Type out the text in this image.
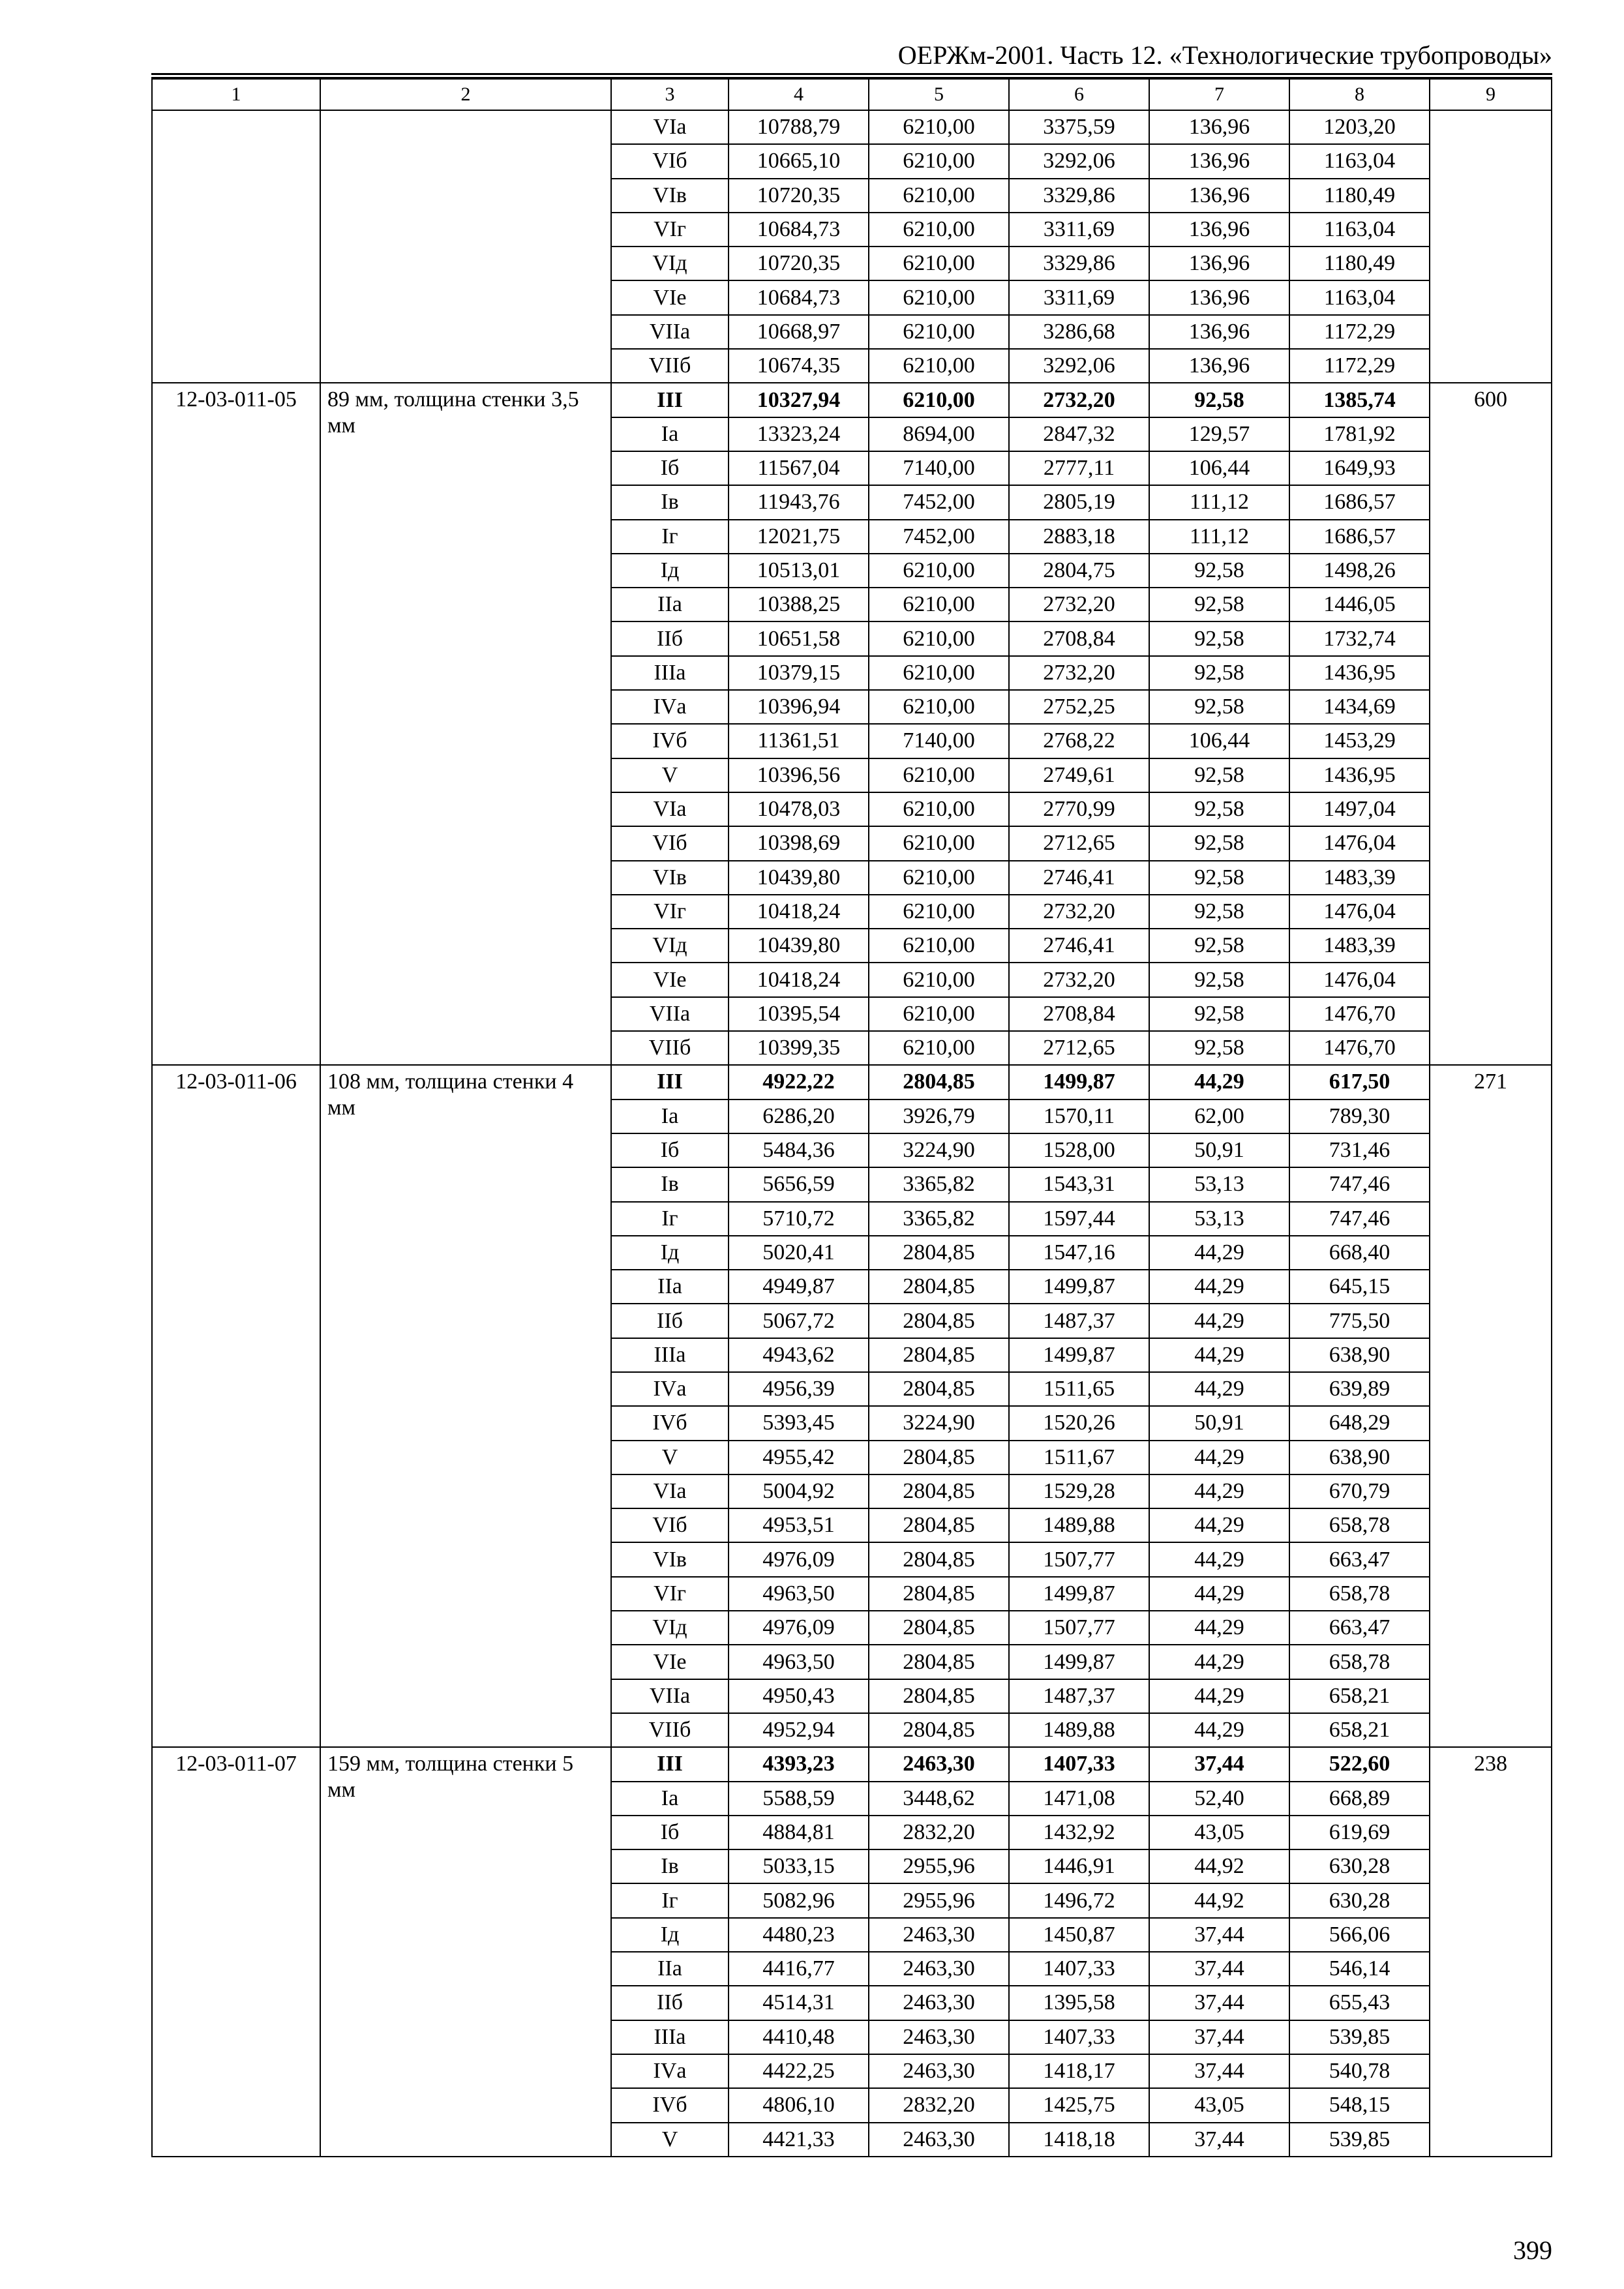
ОЕРЖм-2001. Часть 12. «Технологические трубопроводы»
1	2	3	4	5	6	7	8	9
		VIа	10788,79	6210,00	3375,59	136,96	1203,20	
		VIб	10665,10	6210,00	3292,06	136,96	1163,04	
		VIв	10720,35	6210,00	3329,86	136,96	1180,49	
		VIг	10684,73	6210,00	3311,69	136,96	1163,04	
		VIд	10720,35	6210,00	3329,86	136,96	1180,49	
		VIе	10684,73	6210,00	3311,69	136,96	1163,04	
		VIIа	10668,97	6210,00	3286,68	136,96	1172,29	
		VIIб	10674,35	6210,00	3292,06	136,96	1172,29	
12-03-011-05	89 мм, толщина стенки 3,5 мм	III	10327,94	6210,00	2732,20	92,58	1385,74	600
		Iа	13323,24	8694,00	2847,32	129,57	1781,92	
		Iб	11567,04	7140,00	2777,11	106,44	1649,93	
		Iв	11943,76	7452,00	2805,19	111,12	1686,57	
		Iг	12021,75	7452,00	2883,18	111,12	1686,57	
		Iд	10513,01	6210,00	2804,75	92,58	1498,26	
		IIа	10388,25	6210,00	2732,20	92,58	1446,05	
		IIб	10651,58	6210,00	2708,84	92,58	1732,74	
		IIIа	10379,15	6210,00	2732,20	92,58	1436,95	
		IVа	10396,94	6210,00	2752,25	92,58	1434,69	
		IVб	11361,51	7140,00	2768,22	106,44	1453,29	
		V	10396,56	6210,00	2749,61	92,58	1436,95	
		VIа	10478,03	6210,00	2770,99	92,58	1497,04	
		VIб	10398,69	6210,00	2712,65	92,58	1476,04	
		VIв	10439,80	6210,00	2746,41	92,58	1483,39	
		VIг	10418,24	6210,00	2732,20	92,58	1476,04	
		VIд	10439,80	6210,00	2746,41	92,58	1483,39	
		VIе	10418,24	6210,00	2732,20	92,58	1476,04	
		VIIа	10395,54	6210,00	2708,84	92,58	1476,70	
		VIIб	10399,35	6210,00	2712,65	92,58	1476,70	
12-03-011-06	108 мм, толщина стенки 4 мм	III	4922,22	2804,85	1499,87	44,29	617,50	271
		Iа	6286,20	3926,79	1570,11	62,00	789,30	
		Iб	5484,36	3224,90	1528,00	50,91	731,46	
		Iв	5656,59	3365,82	1543,31	53,13	747,46	
		Iг	5710,72	3365,82	1597,44	53,13	747,46	
		Iд	5020,41	2804,85	1547,16	44,29	668,40	
		IIа	4949,87	2804,85	1499,87	44,29	645,15	
		IIб	5067,72	2804,85	1487,37	44,29	775,50	
		IIIа	4943,62	2804,85	1499,87	44,29	638,90	
		IVа	4956,39	2804,85	1511,65	44,29	639,89	
		IVб	5393,45	3224,90	1520,26	50,91	648,29	
		V	4955,42	2804,85	1511,67	44,29	638,90	
		VIа	5004,92	2804,85	1529,28	44,29	670,79	
		VIб	4953,51	2804,85	1489,88	44,29	658,78	
		VIв	4976,09	2804,85	1507,77	44,29	663,47	
		VIг	4963,50	2804,85	1499,87	44,29	658,78	
		VIд	4976,09	2804,85	1507,77	44,29	663,47	
		VIе	4963,50	2804,85	1499,87	44,29	658,78	
		VIIа	4950,43	2804,85	1487,37	44,29	658,21	
		VIIб	4952,94	2804,85	1489,88	44,29	658,21	
12-03-011-07	159 мм, толщина стенки 5 мм	III	4393,23	2463,30	1407,33	37,44	522,60	238
		Iа	5588,59	3448,62	1471,08	52,40	668,89	
		Iб	4884,81	2832,20	1432,92	43,05	619,69	
		Iв	5033,15	2955,96	1446,91	44,92	630,28	
		Iг	5082,96	2955,96	1496,72	44,92	630,28	
		Iд	4480,23	2463,30	1450,87	37,44	566,06	
		IIа	4416,77	2463,30	1407,33	37,44	546,14	
		IIб	4514,31	2463,30	1395,58	37,44	655,43	
		IIIа	4410,48	2463,30	1407,33	37,44	539,85	
		IVа	4422,25	2463,30	1418,17	37,44	540,78	
		IVб	4806,10	2832,20	1425,75	43,05	548,15	
		V	4421,33	2463,30	1418,18	37,44	539,85	
399
